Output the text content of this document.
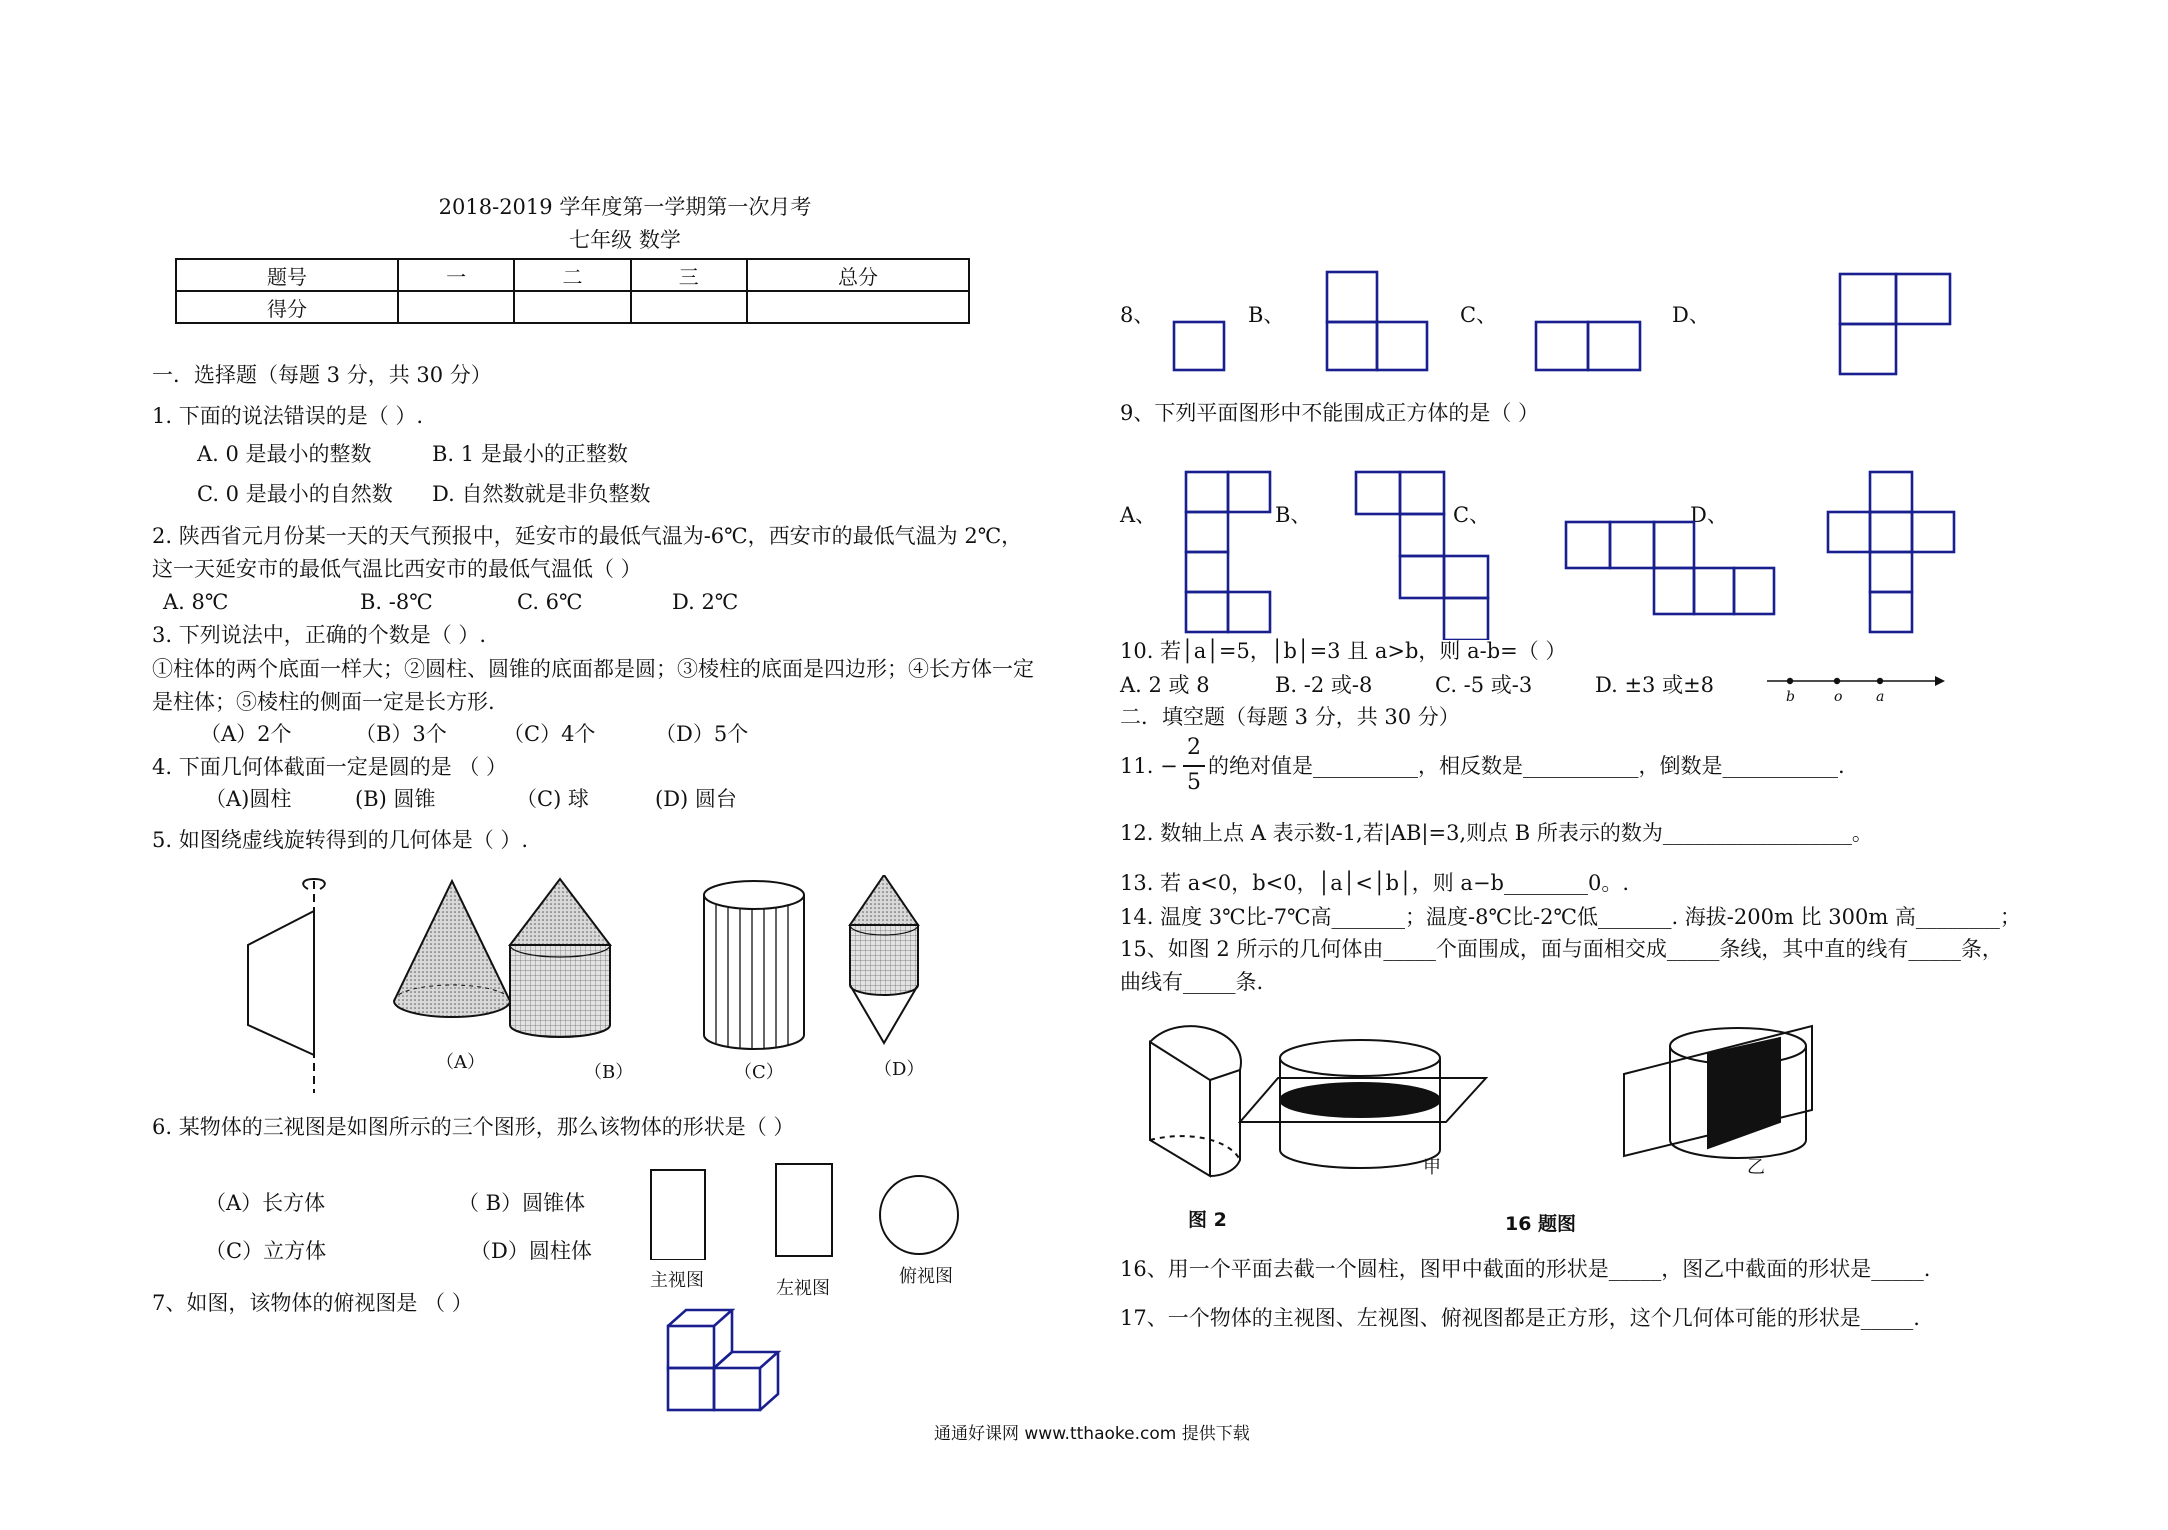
2018-2019 学年度第一学期第一次月考
七年级 数学
题号	一	二	三	总分
得分				
一．选择题（每题 3 分，共 30 分）
1. 下面的说法错误的是（ ）.
A. 0 是最小的整数	B. 1 是最小的正整数
C. 0 是最小的自然数 D. 自然数就是非负整数
2. 陕西省元月份某一天的天气预报中，延安市的最低气温为-6℃，西安市的最低气温为 2℃，
这一天延安市的最低气温比西安市的最低气温低（ ）
A. 8℃	B. -8℃	C. 6℃	D. 2℃
3. 下列说法中，正确的个数是（ ）.
①柱体的两个底面一样大；②圆柱、圆锥的底面都是圆；③棱柱的底面是四边形；④长方体一定
是柱体；⑤棱柱的侧面一定是长方形.
（A）2个	（B）3个	（C）4个	（D）5个
4. 下面几何体截面一定是圆的是 （ ）
（A)圆柱	(B) 圆锥	（C) 球	(D) 圆台
5. 如图绕虚线旋转得到的几何体是（ ）.
（A）	（B）	（C）	（D）
6. 某物体的三视图是如图所示的三个图形，那么该物体的形状是（ ）
（A）长方体	（ B）圆锥体
（C）立方体	（D）圆柱体
主视图	左视图
俯视图
7、如图，该物体的俯视图是 （ ）
8、	B、	C、	D、
9、下列平面图形中不能围成正方体的是（ ）
A、	B、	C、	D、
10. 若│a│=5，│b│=3 且 a>b，则 a-b=（ ）
A. 2 或 8	B. -2 或-8	C. -5 或-3	D. ±3 或±8	b	o a
二．填空题（每题 3 分，共 30 分）
11. −
2
5
的绝对值是__________，相反数是___________，倒数是___________.
12. 数轴上点 A 表示数-1,若|AB|=3,则点 B 所表示的数为__________________。
13. 若 a<0，b<0，│a│<│b│，则 a−b________0。.
14. 温度 3℃比-7℃高_______；温度-8℃比-2℃低_______. 海拔-200m 比 300m 高________；
15、如图 2 所示的几何体由_____个面围成，面与面相交成_____条线，其中直的线有_____条，
曲线有_____条.
甲	乙
图 2	16 题图
16、用一个平面去截一个圆柱，图甲中截面的形状是_____，图乙中截面的形状是_____.
17、一个物体的主视图、左视图、俯视图都是正方形，这个几何体可能的形状是_____.
通通好课网 www.tthaoke.com 提供下载
